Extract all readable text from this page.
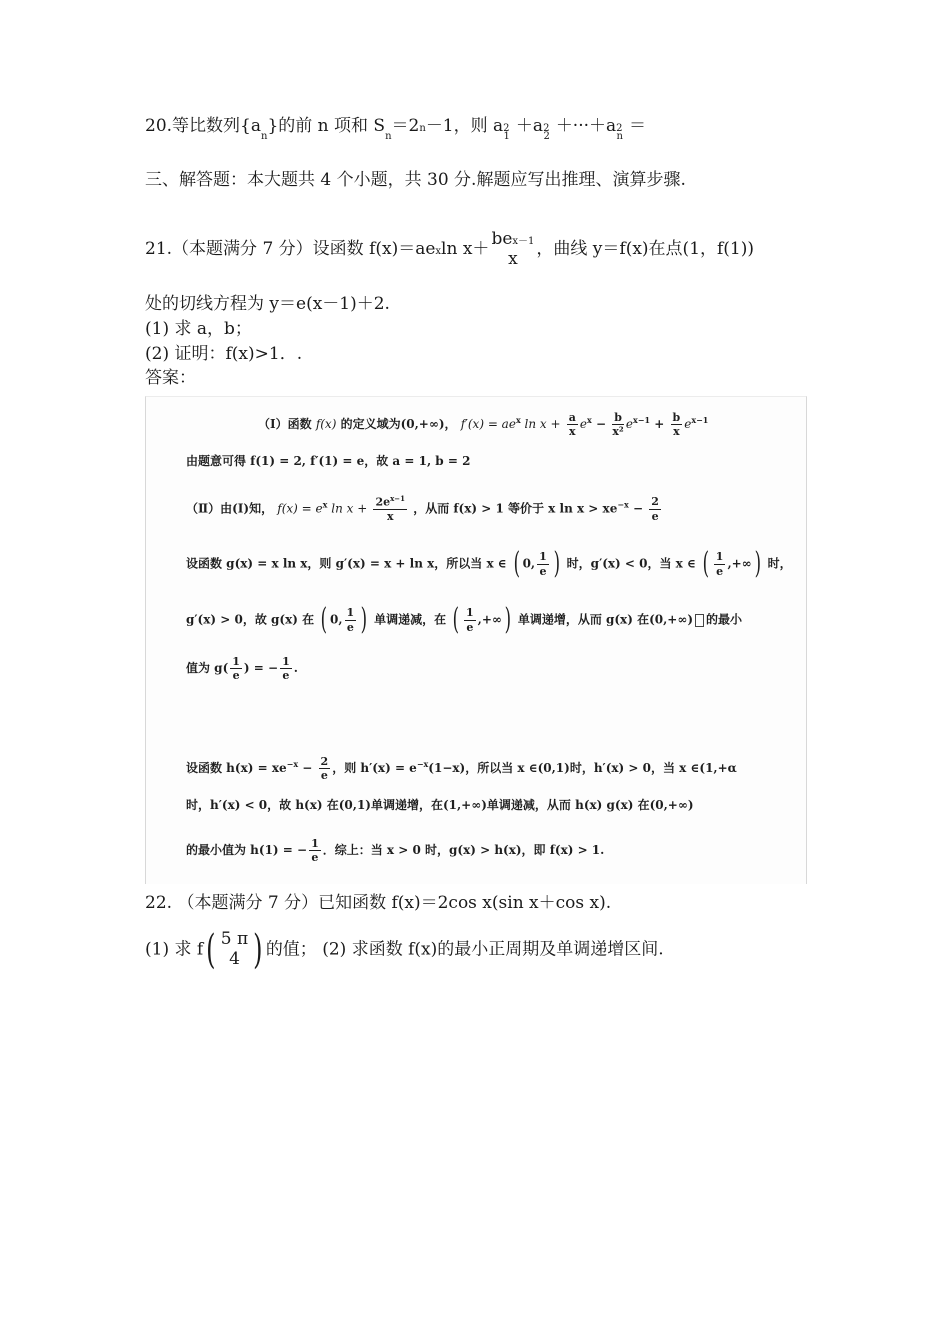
20.等比数列$\{a_n\}$的前 n 项和 $S_n=2n-1$，则 $a2_1+a2_2+\cdot\cdot\cdot+a2_n=$
三、解答题：本大题共 4 个小题，共 30 分.解题应写出推理、演算步骤.
21.（本题满分 7 分）设函数 f(x)＝aexln x＋
bex－1
x	，曲线 y＝f(x)在点(1，f(1))
处的切线方程为 y＝e(x－1)＋2.
(1) 求 a，b；
(2) 证明：f(x)>1．.
答案：
（Ⅰ）函数 f(x) 的定义域为(0,+∞)， $f'(x) = ae^x$ $\ln x + \frac{a}{x} e^x - \frac{b}{\text{x²}} e^{x-1} + \frac{b}{x} e^{x-1}$
由题意可得 f(1) = 2, f′(1) = e，故 a = 1, b = 2
（Ⅱ）由(Ⅰ)知， $f(x) = e^x$ $\ln x + \frac{2e^{x-1}}{x}$ ，从而 f(x) > 1 等价于 x $\ln x > xe^{-x} - \frac{2}{e}$
设函数 g(x) = x ln x，则 g′(x) = x + ln x，所以当 x ∈ ( 0, $\frac{1}{e}$ ) 时，g′(x) < 0，当 x ∈ ( $\frac{1}{e}$ ,+∞) 时，
g′(x) > 0，故 g(x) 在 ( 0, $\frac{1}{e}$ ) 单调递减，在 ( $\frac{1}{e}$ ,+∞) 单调递增，从而 g(x) 在(0,+∞) 的最小
值为 $g( \frac{1}{e}$ ) = − $\frac{1}{e}$ .
设函数 $h(x) = xe^{-x} - \frac{2}{e}$ ，则 $h'(x) = e^{-x}(1-x)$，所以当 x ∈(0,1)时，h′(x) > 0，当 x ∈(1,+α
时，h′(x) < 0，故 h(x) 在(0,1)单调递增，在(1,+∞)单调递减，从而 h(x) g(x) 在(0,+∞)
的最小值为 h(1) = − $\frac{1}{e}$ ．综上：当 x > 0 时，g(x) > h(x)，即 f(x) > 1.
22. （本题满分 7 分）已知函数 f(x)＝2cos x(sin x＋cos x).
(1) 求 f( 5 π
4 ) 的值； (2) 求函数 f(x)的最小正周期及单调递增区间.
